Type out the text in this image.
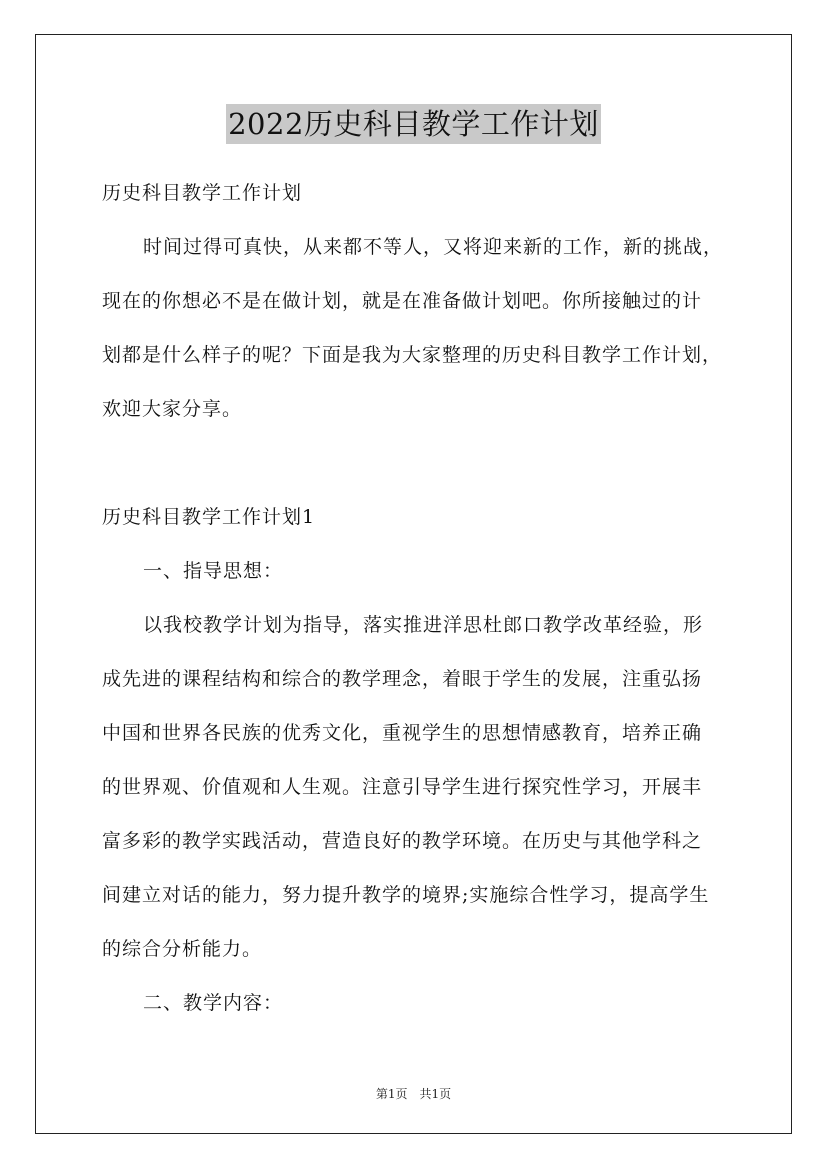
2022历史科目教学工作计划
历史科目教学工作计划
时间过得可真快，从来都不等人，又将迎来新的工作，新的挑战，
现在的你想必不是在做计划，就是在准备做计划吧。你所接触过的计
划都是什么样子的呢？下面是我为大家整理的历史科目教学工作计划，
欢迎大家分享。
历史科目教学工作计划1
一、指导思想：
以我校教学计划为指导，落实推进洋思杜郎口教学改革经验，形
成先进的课程结构和综合的教学理念，着眼于学生的发展，注重弘扬
中国和世界各民族的优秀文化，重视学生的思想情感教育，培养正确
的世界观、价值观和人生观。注意引导学生进行探究性学习，开展丰
富多彩的教学实践活动，营造良好的教学环境。在历史与其他学科之
间建立对话的能力，努力提升教学的境界;实施综合性学习，提高学生
的综合分析能力。
二、教学内容：
第1页　共1页
